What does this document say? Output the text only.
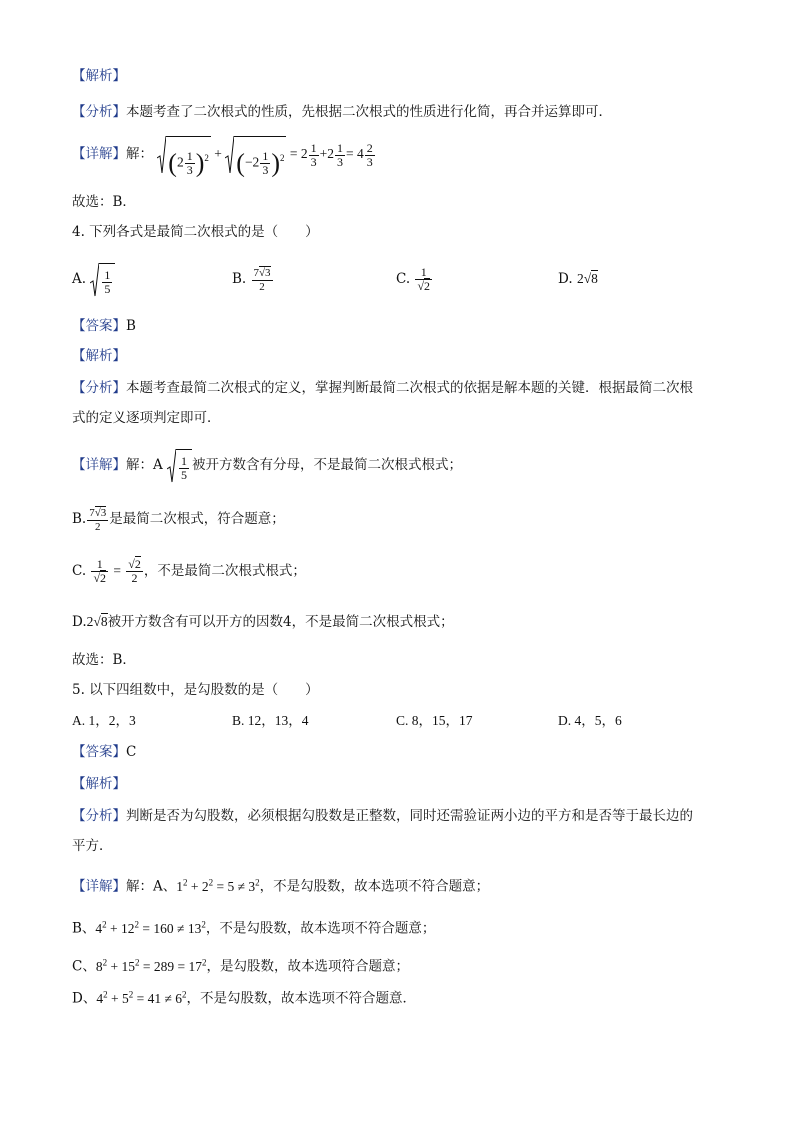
【解析】
【分析】本题考查了二次根式的性质，先根据二次根式的性质进行化简，再合并运算即可．
【详解】解： $(2 \frac{1}{3} )^2$ +
$(-2 \frac{1}{3} )^2 = 2 \frac{1}{3} +2 \frac{1}{3} = 4 \frac{2}{3}$
故选：B．
4. 下列各式是最简二次根式的是（　　）
A. $\frac{1}{5}$	B. $\frac{7√3}{2}$	C. $\frac{1}{√2}$	D. 2√8
【答案】B
【解析】
【分析】本题考查最简二次根式的定义，掌握判断最简二次根式的依据是解本题的关键．根据最简二次根
式的定义逐项判定即可．
【详解】解：A $\frac{1}{5}$ 被开方数含有分母，不是最简二次根式根式；
B. $\frac{7√3}{2}$ 是最简二次根式，符合题意；
C. $\frac{1}{√2} = \frac{√2}{2}$ ，不是最简二次根式根式；
D.2√8被开方数含有可以开方的因数4，不是最简二次根式根式；
故选：B．
5. 以下四组数中，是勾股数的是（　　）
A. 1，2，3	B. 12，13，4	C. 8，15，17	D. 4，5，6
【答案】C
【解析】
【分析】判断是否为勾股数，必须根据勾股数是正整数，同时还需验证两小边的平方和是否等于最长边的
平方．
【详解】解：A、$1^2 + 2^2 = 5 \ne 3^2$，不是勾股数，故本选项不符合题意；
B、$4^2 + 12^2 = 160 \ne 13^2$，不是勾股数，故本选项不符合题意；
C、$8^2 + 15^2 = 289 = 17^2$，是勾股数，故本选项符合题意；
D、$4^2 + 5^2 = 41 \ne 6^2$，不是勾股数，故本选项不符合题意．
